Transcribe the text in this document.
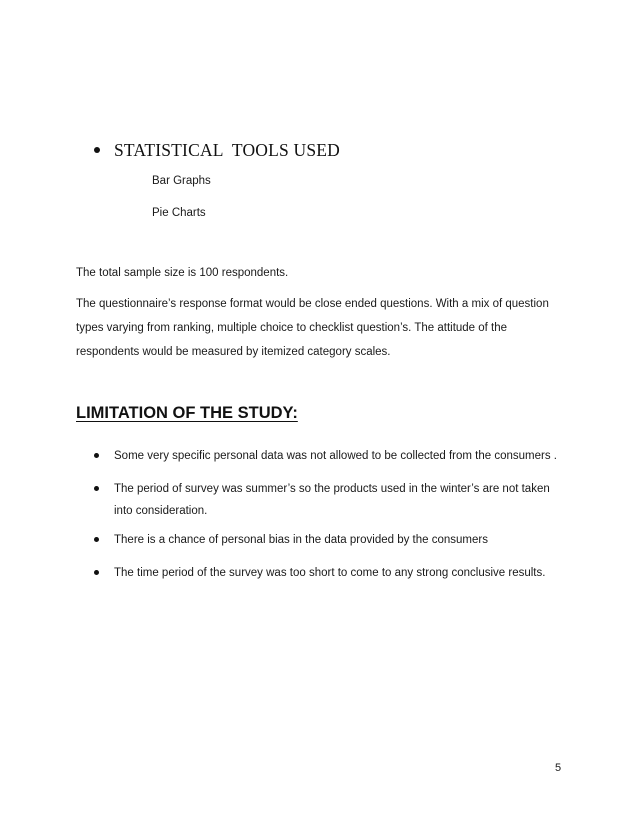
STATISTICAL  TOOLS USED
Bar Graphs
Pie Charts
The total sample size is 100 respondents.
The questionnaire’s response format would be close ended questions. With a mix of question
types varying from ranking, multiple choice to checklist question’s. The attitude of the
respondents would be measured by itemized category scales.
LIMITATION OF THE STUDY:
Some very specific personal data was not allowed to be collected from the consumers .
The period of survey was summer’s so the products used in the winter’s are not taken
into consideration.
There is a chance of personal bias in the data provided by the consumers
The time period of the survey was too short to come to any strong conclusive results.
5
